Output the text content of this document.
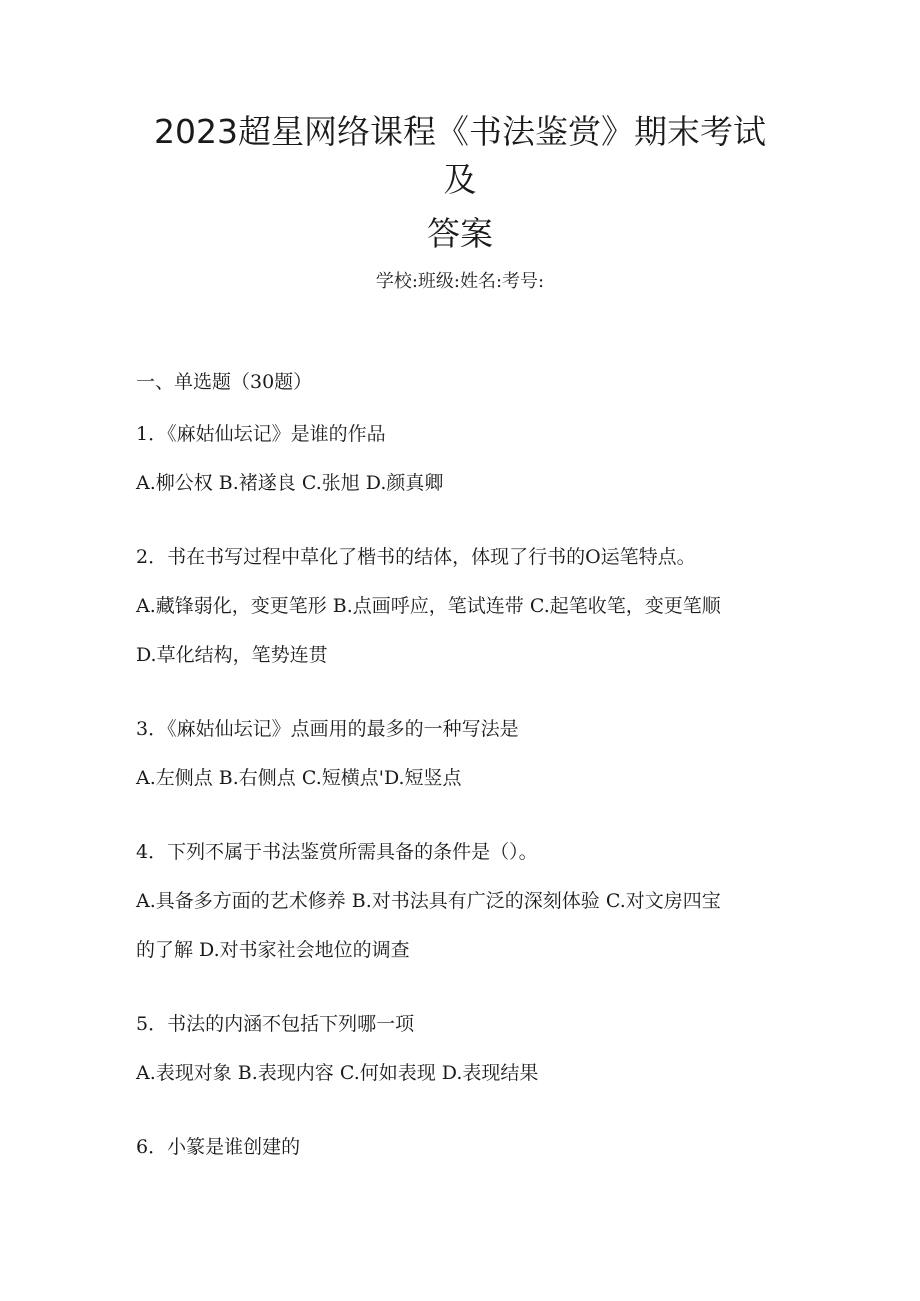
2023超星网络课程《书法鉴赏》期末考试
及
答案
学校:班级:姓名:考号:
一、单选题（30题）
1．《麻姑仙坛记》是谁的作品
A.柳公权 B.褚遂良 C.张旭 D.颜真卿
2．书在书写过程中草化了楷书的结体，体现了行书的O运笔特点。
A.藏锋弱化，变更笔形 B.点画呼应，笔试连带 C.起笔收笔，变更笔顺
D.草化结构，笔势连贯
3．《麻姑仙坛记》点画用的最多的一种写法是
A.左侧点 B.右侧点 C.短横点'D.短竖点
4．下列不属于书法鉴赏所需具备的条件是（）。
A.具备多方面的艺术修养 B.对书法具有广泛的深刻体验 C.对文房四宝
的了解 D.对书家社会地位的调查
5．书法的内涵不包括下列哪一项
A.表现对象 B.表现内容 C.何如表现 D.表现结果
6．小篆是谁创建的
